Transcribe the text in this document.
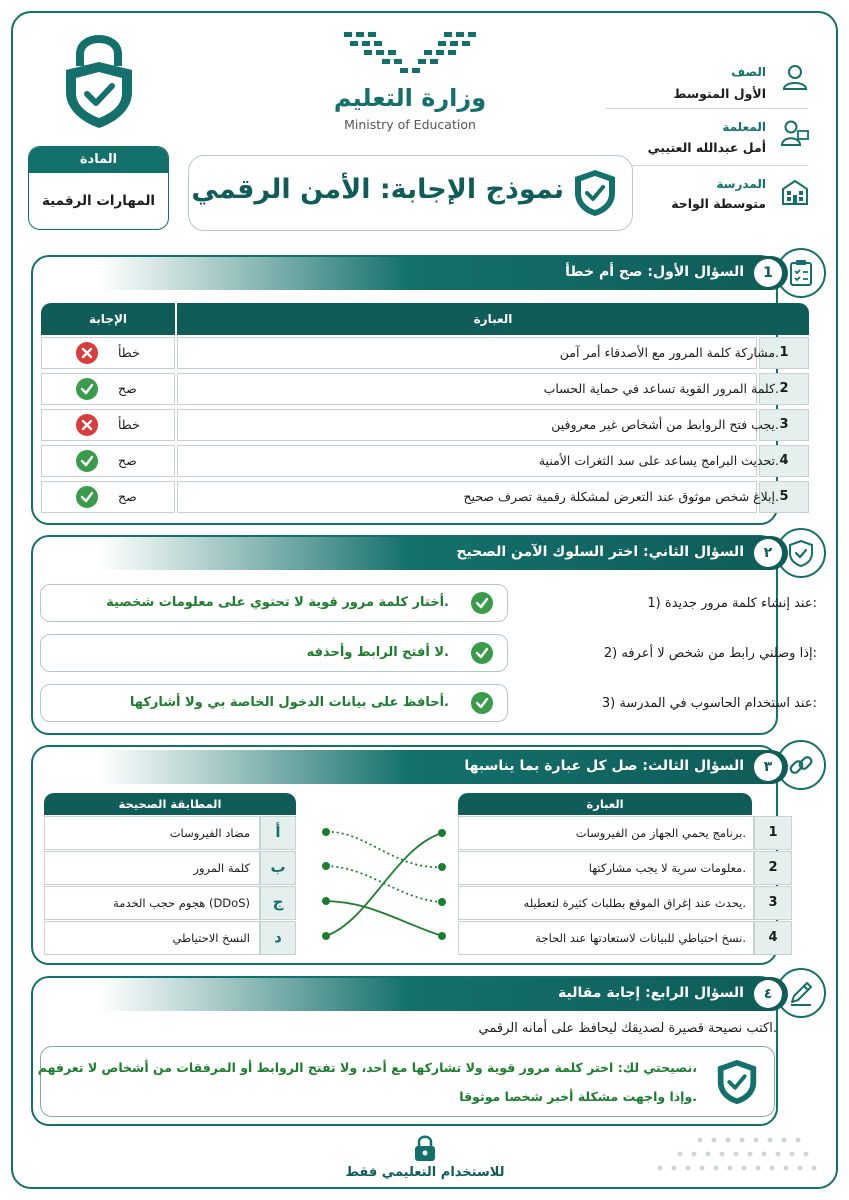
الصف
الأول المتوسط
المعلمة
أمل عبدالله العتيبي
المدرسة
متوسطة الواحة
وزارة التعليم
Ministry of Education
المادة
المهارات الرقمية	نموذج الإجابة: الأمن الرقمي
1
السؤال الأول: صح أم خطأ
العبارة
الإجابة
1
مشاركة كلمة المرور مع الأصدقاء أمر آمن.
خطأ
2
كلمة المرور القوية تساعد في حماية الحساب.
صح
3
يجب فتح الروابط من أشخاص غير معروفين.
خطأ
4
تحديث البرامج يساعد على سد الثغرات الأمنية.
صح
5
إبلاغ شخص موثوق عند التعرض لمشكلة رقمية تصرف صحيح.
صح
٢
السؤال الثاني: اختر السلوك الآمن الصحيح
1) عند إنشاء كلمة مرور جديدة:
أختار كلمة مرور قوية لا تحتوي على معلومات شخصية.
2) إذا وصلني رابط من شخص لا أعرفه:
لا أفتح الرابط وأحذفه.
3) عند استخدام الحاسوب في المدرسة:
أحافظ على بيانات الدخول الخاصة بي ولا أشاركها.
٣
السؤال الثالث: صل كل عبارة بما يناسبها
العبارة
المطابقة الصحيحة
1
برنامج يحمي الجهاز من الفيروسات.
2
معلومات سرية لا يجب مشاركتها.
3
يحدث عند إغراق الموقع بطلبات كثيرة لتعطيله.
4
نسخ احتياطي للبيانات لاستعادتها عند الحاجة.
أ
مضاد الفيروسات
ب
كلمة المرور
ج
هجوم حجب الخدمة (DDoS)
د
النسخ الاحتياطي
٤
السؤال الرابع: إجابة مقالية
اكتب نصيحة قصيرة لصديقك ليحافظ على أمانه الرقمي.
نصيحتي لك: اختر كلمة مرور قوية ولا تشاركها مع أحد، ولا تفتح الروابط أو المرفقات من أشخاص لا تعرفهم،
وإذا واجهت مشكلة أخبر شخصا موثوقا.
للاستخدام التعليمي فقط
